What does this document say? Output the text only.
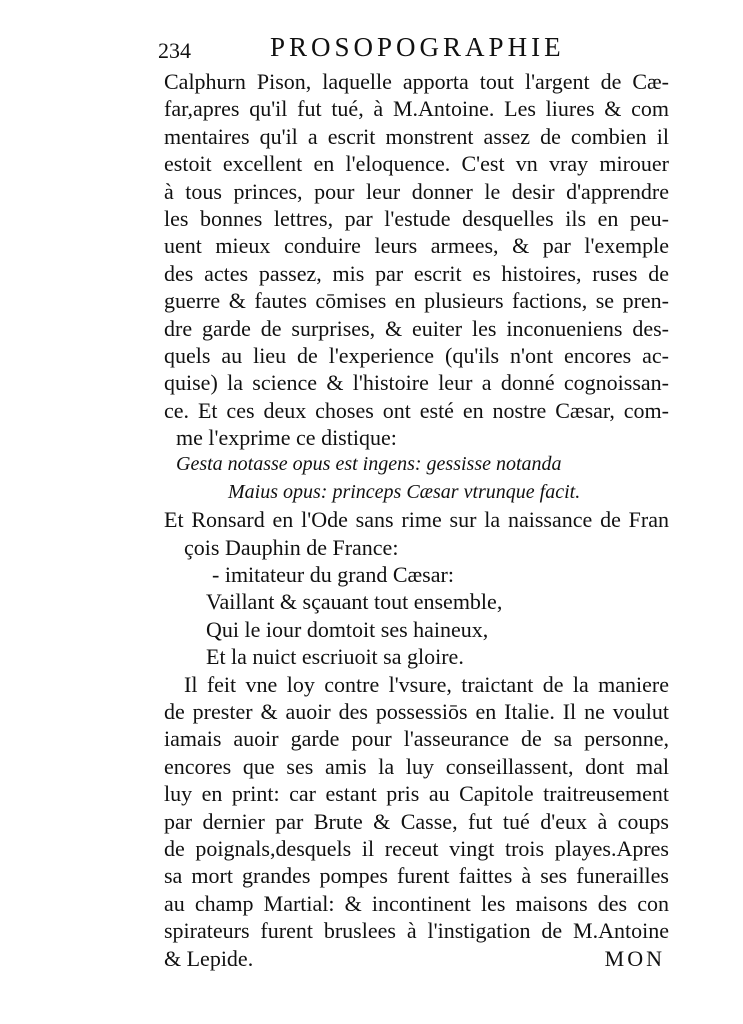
234	PROSOPOGRAPHIE
Calphurn Pison, laquelle apporta tout l'argent de Cæ-
far,apres qu'il fut tué, à M.Antoine. Les liures & com
mentaires qu'il a escrit monstrent assez de combien il
estoit excellent en l'eloquence. C'est vn vray mirouer
à tous princes, pour leur donner le desir d'apprendre
les bonnes lettres, par l'estude desquelles ils en peu-
uent mieux conduire leurs armees, & par l'exemple
des actes passez, mis par escrit es histoires, ruses de
guerre & fautes cōmises en plusieurs factions, se pren-
dre garde de surprises, & euiter les inconueniens des-
quels au lieu de l'experience (qu'ils n'ont encores ac-
quise) la science & l'histoire leur a donné cognoissan-
ce. Et ces deux choses ont esté en nostre Cæsar, com-
me l'exprime ce distique:
Gesta notasse opus est ingens: gessisse notanda
Maius opus: princeps Cæsar vtrunque facit.
Et Ronsard en l'Ode sans rime sur la naissance de Fran
çois Dauphin de France:
- imitateur du grand Cæsar:
Vaillant & sçauant tout ensemble,
Qui le iour domtoit ses haineux,
Et la nuict escriuoit sa gloire.
Il feit vne loy contre l'vsure, traictant de la maniere
de prester & auoir des possessiōs en Italie. Il ne voulut
iamais auoir garde pour l'asseurance de sa personne,
encores que ses amis la luy conseillassent, dont mal
luy en print: car estant pris au Capitole traitreusement
par dernier par Brute & Casse, fut tué d'eux à coups
de poignals,desquels il receut vingt trois playes.Apres
sa mort grandes pompes furent faittes à ses funerailles
au champ Martial: & incontinent les maisons des con
spirateurs furent bruslees à l'instigation de M.Antoine
& Lepide.	MON
